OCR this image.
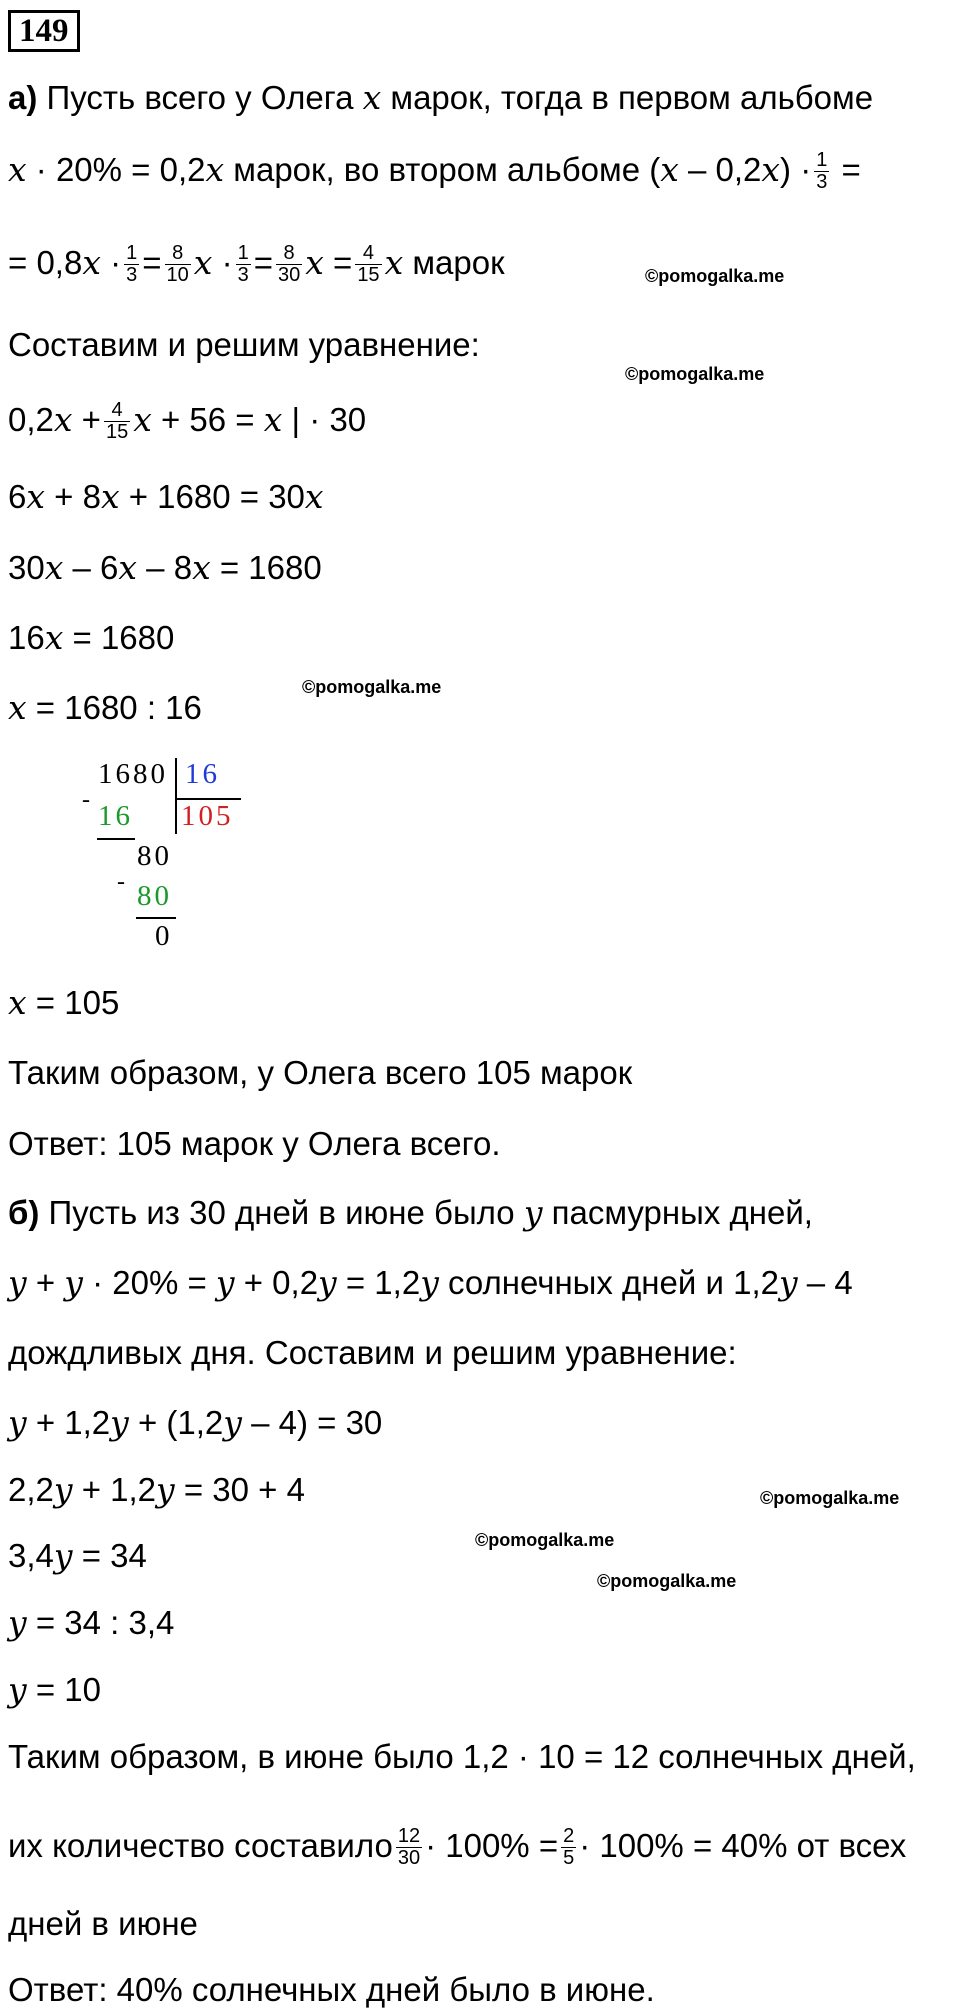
149
а) Пусть всего у Олега x марок, тогда в первом альбоме
x · 20% = 0,2x марок, во втором альбоме $(x - 0,2x) \cdot \frac{1}{3}$ =
= $0,8x \cdot \frac{1}{3} = \frac{8}{10}$ $x \cdot \frac{1}{3} = \frac{8}{30}$ $x = \frac{4}{15}$ x марок
Составим и решим уравнение:
$0,2x + \frac{4}{15}$ x + 56 = x | · 30
6x + 8x + 1680 = 30x
30x – 6x – 8x = 1680
16x = 1680
x = 1680 : 16
1680 16
- 16 105
80
- 80
0
x = 105
Таким образом, у Олега всего 105 марок
Ответ: 105 марок у Олега всего.
б) Пусть из 30 дней в июне было y пасмурных дней,
y + y · 20% = y + 0,2y = 1,2y солнечных дней и 1,2y – 4
дождливых дня. Составим и решим уравнение:
y + 1,2y + (1,2y – 4) = 30
2,2y + 1,2y = 30 + 4
3,4y = 34
y = 34 : 3,4
y = 10
Таким образом, в июне было 1,2 · 10 = 12 солнечных дней,
их количество составило $\frac{12}{30} \cdot 100\% = \frac{2}{5} \cdot 100\% = 40\%$ от всех
дней в июне
Ответ: 40% солнечных дней было в июне.
©pomogalka.me
©pomogalka.me
©pomogalka.me
©pomogalka.me
©pomogalka.me
©pomogalka.me
